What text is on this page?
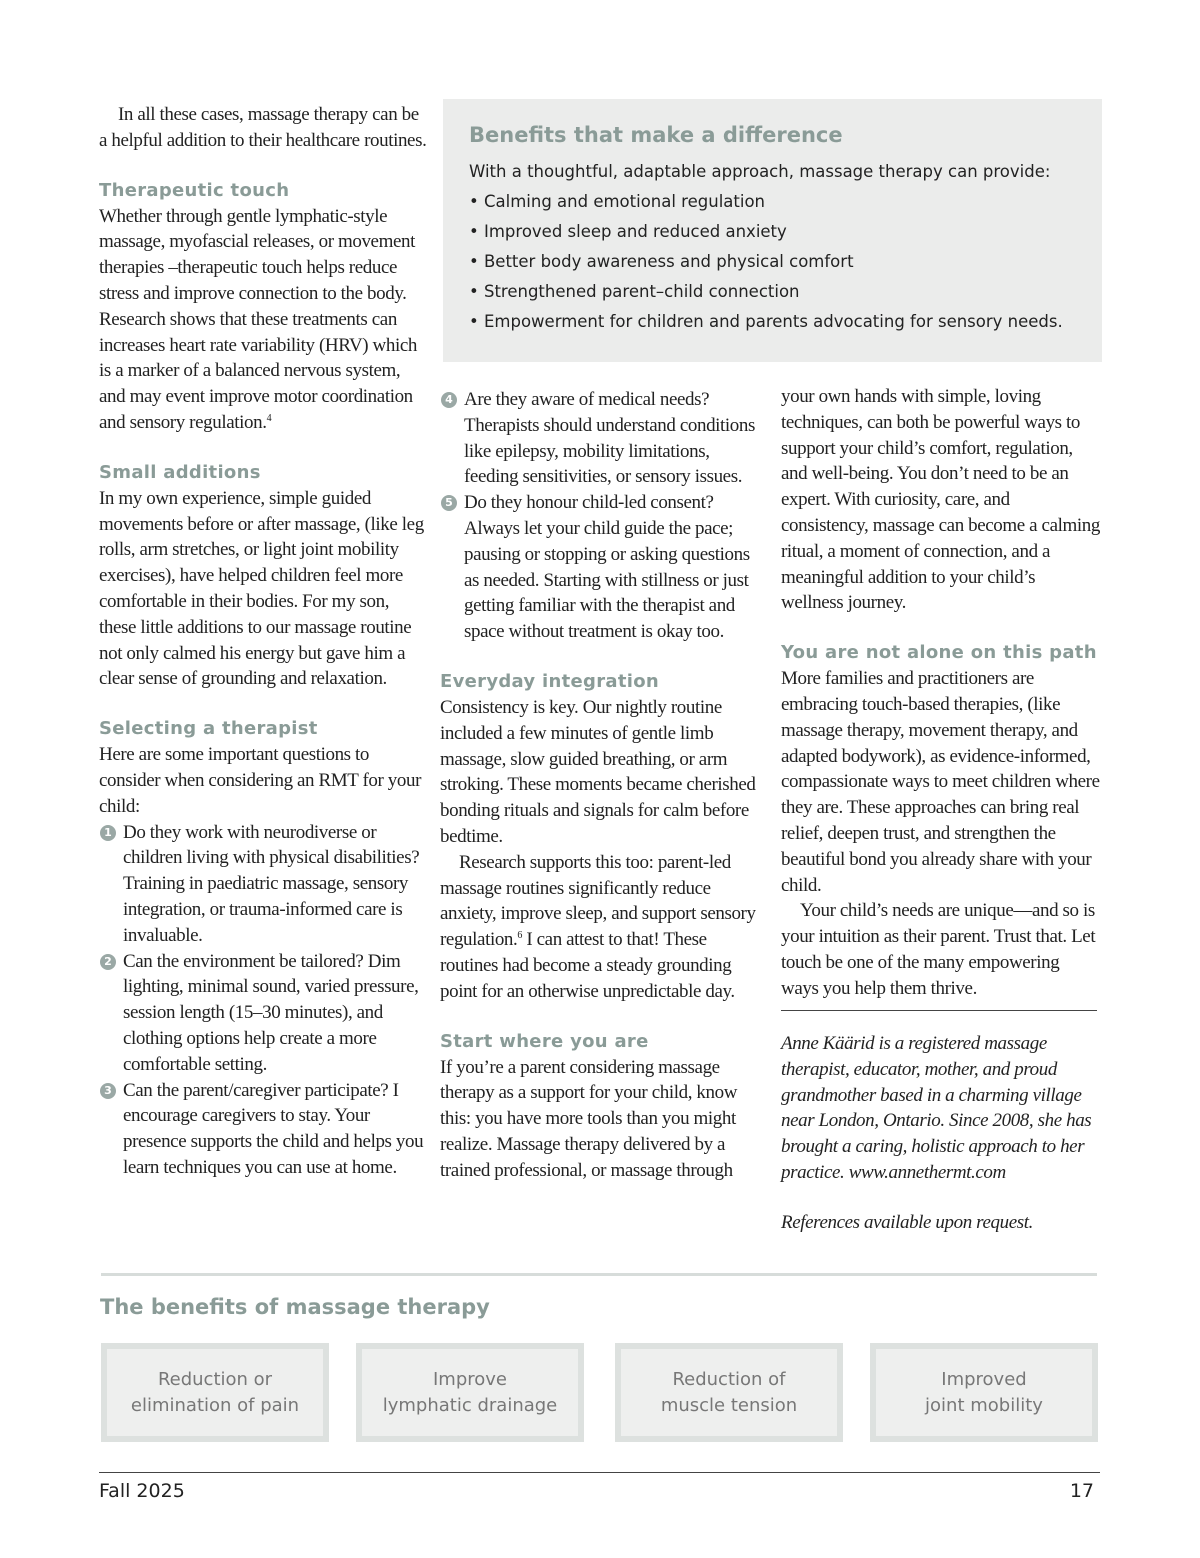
In all these cases, massage therapy can be a helpful addition to their healthcare routines.

Therapeutic touch

Whether through gentle lymphatic-style massage, myofascial releases, or movement therapies –therapeutic touch helps reduce stress and improve connection to the body. Research shows that these treatments can increases heart rate variability (HRV) which is a marker of a balanced nervous system, and may event improve motor coordination and sensory regulation.$^4$

Small additions

In my own experience, simple guided movements before or after massage, (like leg rolls, arm stretches, or light joint mobility exercises), have helped children feel more comfortable in their bodies. For my son, these little additions to our massage routine not only calmed his energy but gave him a clear sense of grounding and relaxation.

Selecting a therapist

Here are some important questions to consider when considering an RMT for your child:

1 Do they work with neurodiverse or children living with physical disabilities? Training in paediatric massage, sensory integration, or trauma-informed care is invaluable.
2 Can the environment be tailored? Dim lighting, minimal sound, varied pressure, session length (15–30 minutes), and clothing options help create a more comfortable setting.
3 Can the parent/caregiver participate? I encourage caregivers to stay. Your presence supports the child and helps you learn techniques you can use at home.
Benefits that make a difference

With a thoughtful, adaptable approach, massage therapy can provide:

• Calming and emotional regulation
• Improved sleep and reduced anxiety
• Better body awareness and physical comfort
• Strengthened parent–child connection
• Empowerment for children and parents advocating for sensory needs.
4 Are they aware of medical needs? Therapists should understand conditions like epilepsy, mobility limitations, feeding sensitivities, or sensory issues.
5 Do they honour child-led consent? Always let your child guide the pace; pausing or stopping or asking questions as needed. Starting with stillness or just getting familiar with the therapist and space without treatment is okay too.
Everyday integration

Consistency is key. Our nightly routine included a few minutes of gentle limb massage, slow guided breathing, or arm stroking. These moments became cherished bonding rituals and signals for calm before bedtime.

Research supports this too: parent-led massage routines significantly reduce anxiety, improve sleep, and support sensory regulation.$^6$ I can attest to that! These routines had become a steady grounding point for an otherwise unpredictable day.

Start where you are

If you’re a parent considering massage therapy as a support for your child, know this: you have more tools than you might realize. Massage therapy delivered by a trained professional, or massage through

your own hands with simple, loving techniques, can both be powerful ways to support your child’s comfort, regulation, and well-being. You don’t need to be an expert. With curiosity, care, and consistency, massage can become a calming ritual, a moment of connection, and a meaningful addition to your child’s wellness journey.

You are not alone on this path

More families and practitioners are embracing touch-based therapies, (like massage therapy, movement therapy, and adapted bodywork), as evidence-informed, compassionate ways to meet children where they are. These approaches can bring real relief, deepen trust, and strengthen the beautiful bond you already share with your child.

Your child’s needs are unique—and so is your intuition as their parent. Trust that. Let touch be one of the many empowering ways you help them thrive.

Anne Käärid is a registered massage therapist, educator, mother, and proud grandmother based in a charming village near London, Ontario. Since 2008, she has brought a caring, holistic approach to her practice. www.annethermt.com

References available upon request.

The benefits of massage therapy
Reduction or
elimination of pain
Improve
lymphatic drainage
Reduction of
muscle tension
Improved
joint mobility
Fall 2025	17
